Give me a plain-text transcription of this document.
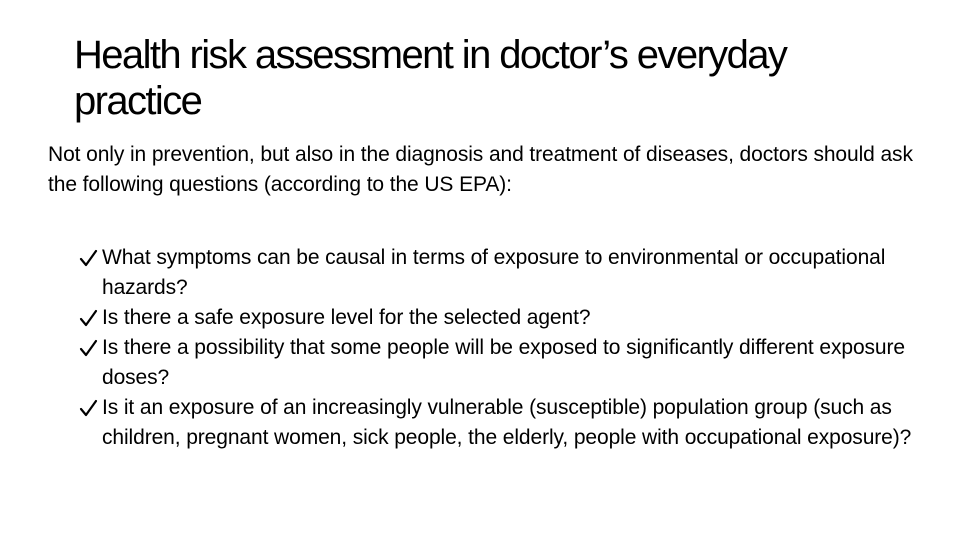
Health risk assessment in doctor’s everyday practice

Not only in prevention, but also in the diagnosis and treatment of diseases, doctors should ask the following questions (according to the US EPA):

What symptoms can be causal in terms of exposure to environmental or occupational hazards?
Is there a safe exposure level for the selected agent?
Is there a possibility that some people will be exposed to significantly different exposure doses?
Is it an exposure of an increasingly vulnerable (susceptible) population group (such as children, pregnant women, sick people, the elderly, people with occupational exposure)?
